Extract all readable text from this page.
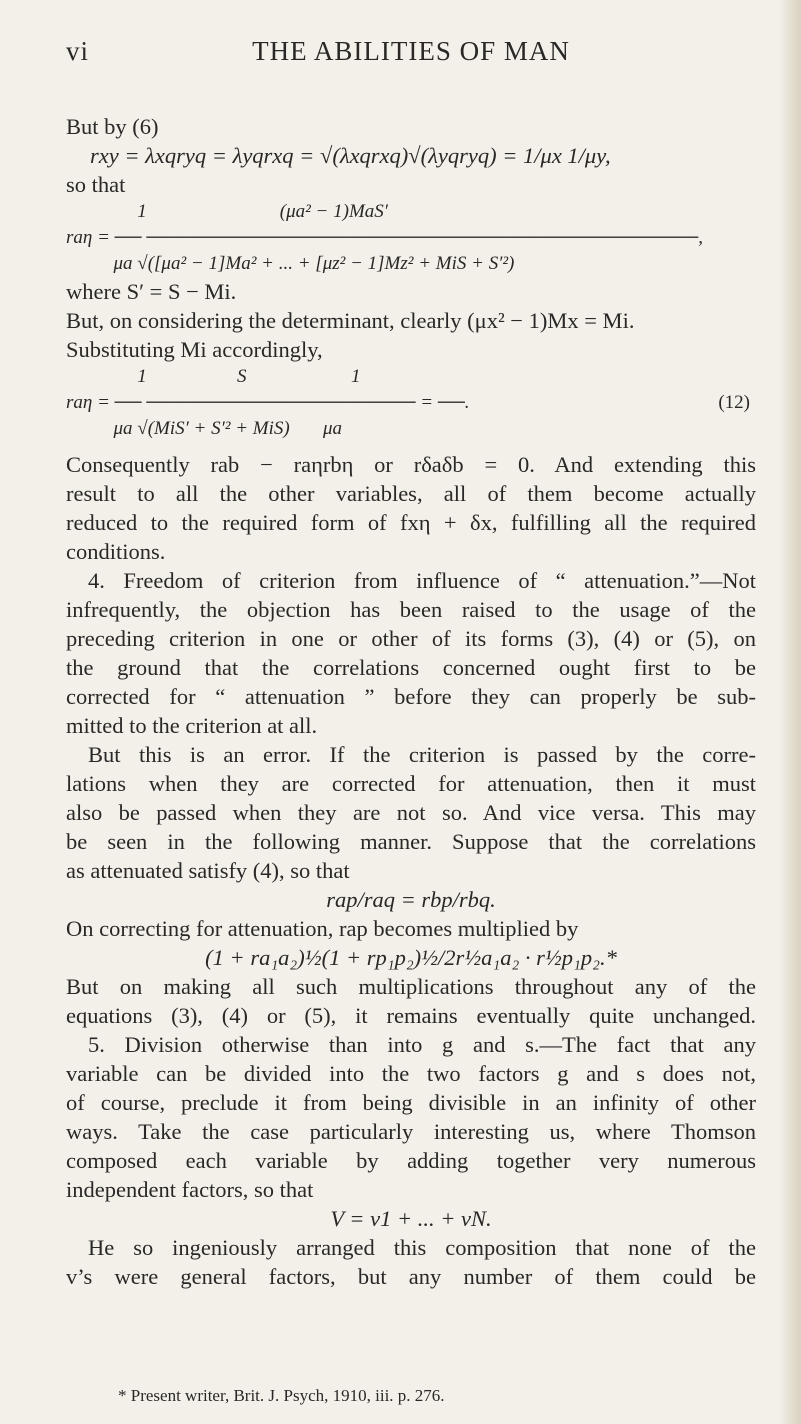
vi	THE ABILITIES OF MAN
But by (6)
rxy = λxqryq = λyqrxq = √(λxqrxq)√(λyqryq) = 1/μx 1/μy,
so that
1                            (μa² − 1)MaS′
raη = ── ─────────────────────────────────────────,
μa √([μa² − 1]Ma² + ... + [μz² − 1]Mz² + MiS + S′²)
where S′ = S − Mi.
But, on considering the determinant, clearly (μx² − 1)Mx = Mi.
Substituting Mi accordingly,
1                   S                      1
raη = ── ──────────────────── = ──.	(12)
μa √(MiS′ + S′² + MiS)       μa
Consequently rab − raηrbη or rδaδb = 0. And extending this
result to all the other variables, all of them become actually
reduced to the required form of fxη + δx, fulfilling all the required
conditions.
4. Freedom of criterion from influence of “ attenuation.”—Not
infrequently, the objection has been raised to the usage of the
preceding criterion in one or other of its forms (3), (4) or (5), on
the ground that the correlations concerned ought first to be
corrected for “ attenuation ” before they can properly be sub-
mitted to the criterion at all.
But this is an error. If the criterion is passed by the corre-
lations when they are corrected for attenuation, then it must
also be passed when they are not so. And vice versa. This may
be seen in the following manner. Suppose that the correlations
as attenuated satisfy (4), so that
rap/raq = rbp/rbq.
On correcting for attenuation, rap becomes multiplied by
(1 + ra₁a₂)½(1 + rp₁p₂)½/2r½a₁a₂ · r½p₁p₂.*
But on making all such multiplications throughout any of the
equations (3), (4) or (5), it remains eventually quite unchanged.
5. Division otherwise than into g and s.—The fact that any
variable can be divided into the two factors g and s does not,
of course, preclude it from being divisible in an infinity of other
ways. Take the case particularly interesting us, where Thomson
composed each variable by adding together very numerous
independent factors, so that
V = v1 + ... + vN.
He so ingeniously arranged this composition that none of the
v’s were general factors, but any number of them could be
* Present writer, Brit. J. Psych, 1910, iii. p. 276.
